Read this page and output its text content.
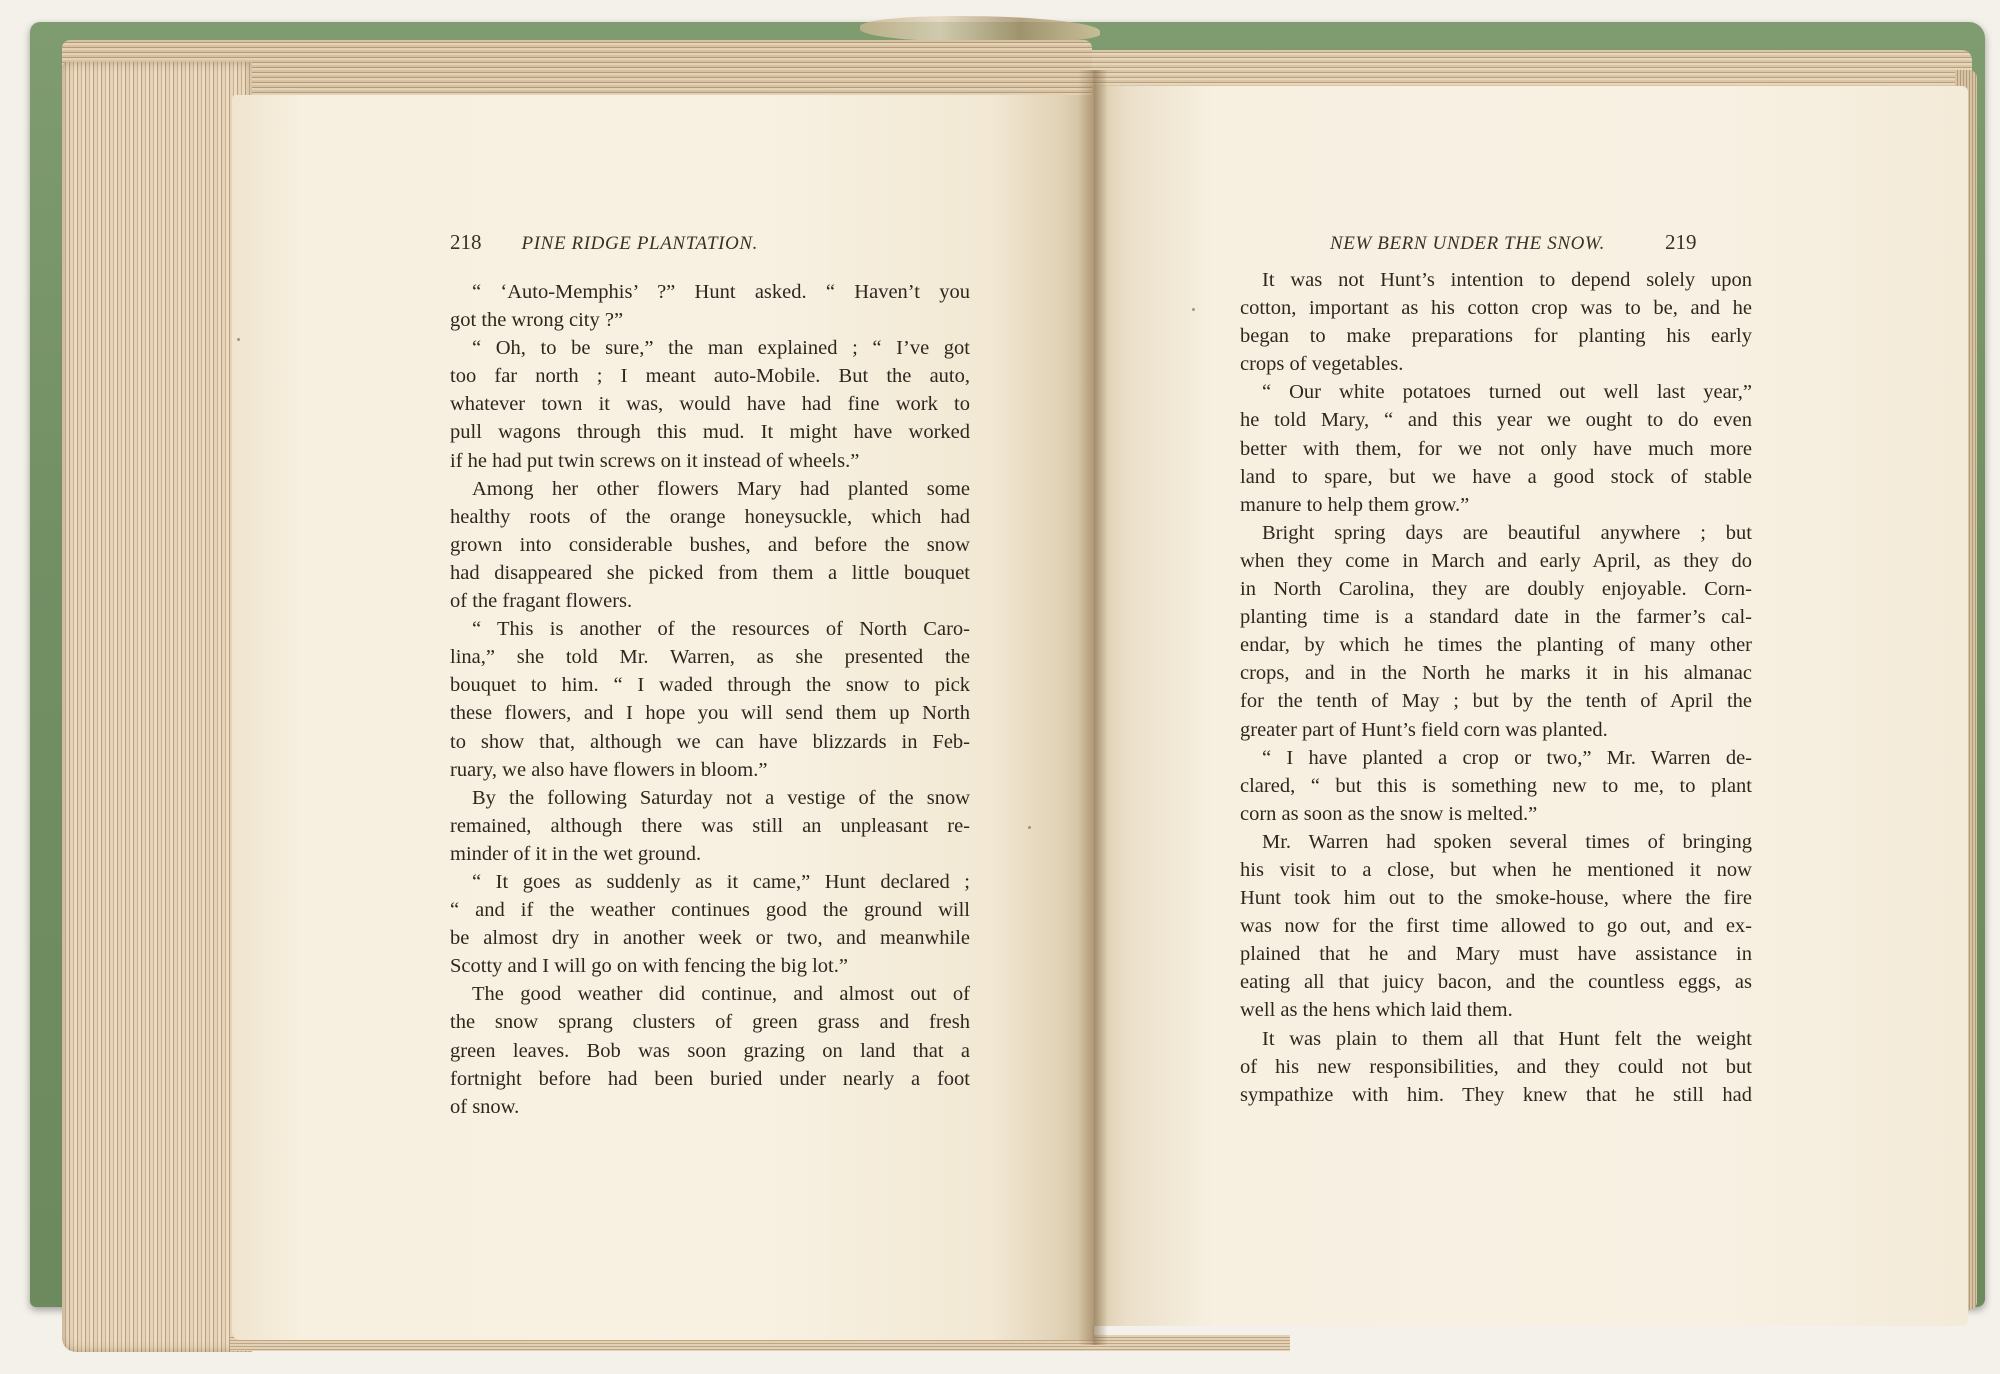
218 PINE RIDGE PLANTATION.	NEW BERN UNDER THE SNOW.	219
“ ‘Auto-Memphis’ ?” Hunt asked. “ Haven’t you
got the wrong city ?”
“ Oh, to be sure,” the man explained ; “ I’ve got
too far north ; I meant auto-Mobile. But the auto,
whatever town it was, would have had fine work to
pull wagons through this mud. It might have worked
if he had put twin screws on it instead of wheels.”
Among her other flowers Mary had planted some
healthy roots of the orange honeysuckle, which had
grown into considerable bushes, and before the snow
had disappeared she picked from them a little bouquet
of the fragant flowers.
“ This is another of the resources of North Caro-
lina,” she told Mr. Warren, as she presented the
bouquet to him. “ I waded through the snow to pick
these flowers, and I hope you will send them up North
to show that, although we can have blizzards in Feb-
ruary, we also have flowers in bloom.”
By the following Saturday not a vestige of the snow
remained, although there was still an unpleasant re-
minder of it in the wet ground.
“ It goes as suddenly as it came,” Hunt declared ;
“ and if the weather continues good the ground will
be almost dry in another week or two, and meanwhile
Scotty and I will go on with fencing the big lot.”
The good weather did continue, and almost out of
the snow sprang clusters of green grass and fresh
green leaves. Bob was soon grazing on land that a
fortnight before had been buried under nearly a foot
of snow.
It was not Hunt’s intention to depend solely upon
cotton, important as his cotton crop was to be, and he
began to make preparations for planting his early
crops of vegetables.
“ Our white potatoes turned out well last year,”
he told Mary, “ and this year we ought to do even
better with them, for we not only have much more
land to spare, but we have a good stock of stable
manure to help them grow.”
Bright spring days are beautiful anywhere ; but
when they come in March and early April, as they do
in North Carolina, they are doubly enjoyable. Corn-
planting time is a standard date in the farmer’s cal-
endar, by which he times the planting of many other
crops, and in the North he marks it in his almanac
for the tenth of May ; but by the tenth of April the
greater part of Hunt’s field corn was planted.
“ I have planted a crop or two,” Mr. Warren de-
clared, “ but this is something new to me, to plant
corn as soon as the snow is melted.”
Mr. Warren had spoken several times of bringing
his visit to a close, but when he mentioned it now
Hunt took him out to the smoke-house, where the fire
was now for the first time allowed to go out, and ex-
plained that he and Mary must have assistance in
eating all that juicy bacon, and the countless eggs, as
well as the hens which laid them.
It was plain to them all that Hunt felt the weight
of his new responsibilities, and they could not but
sympathize with him. They knew that he still had
